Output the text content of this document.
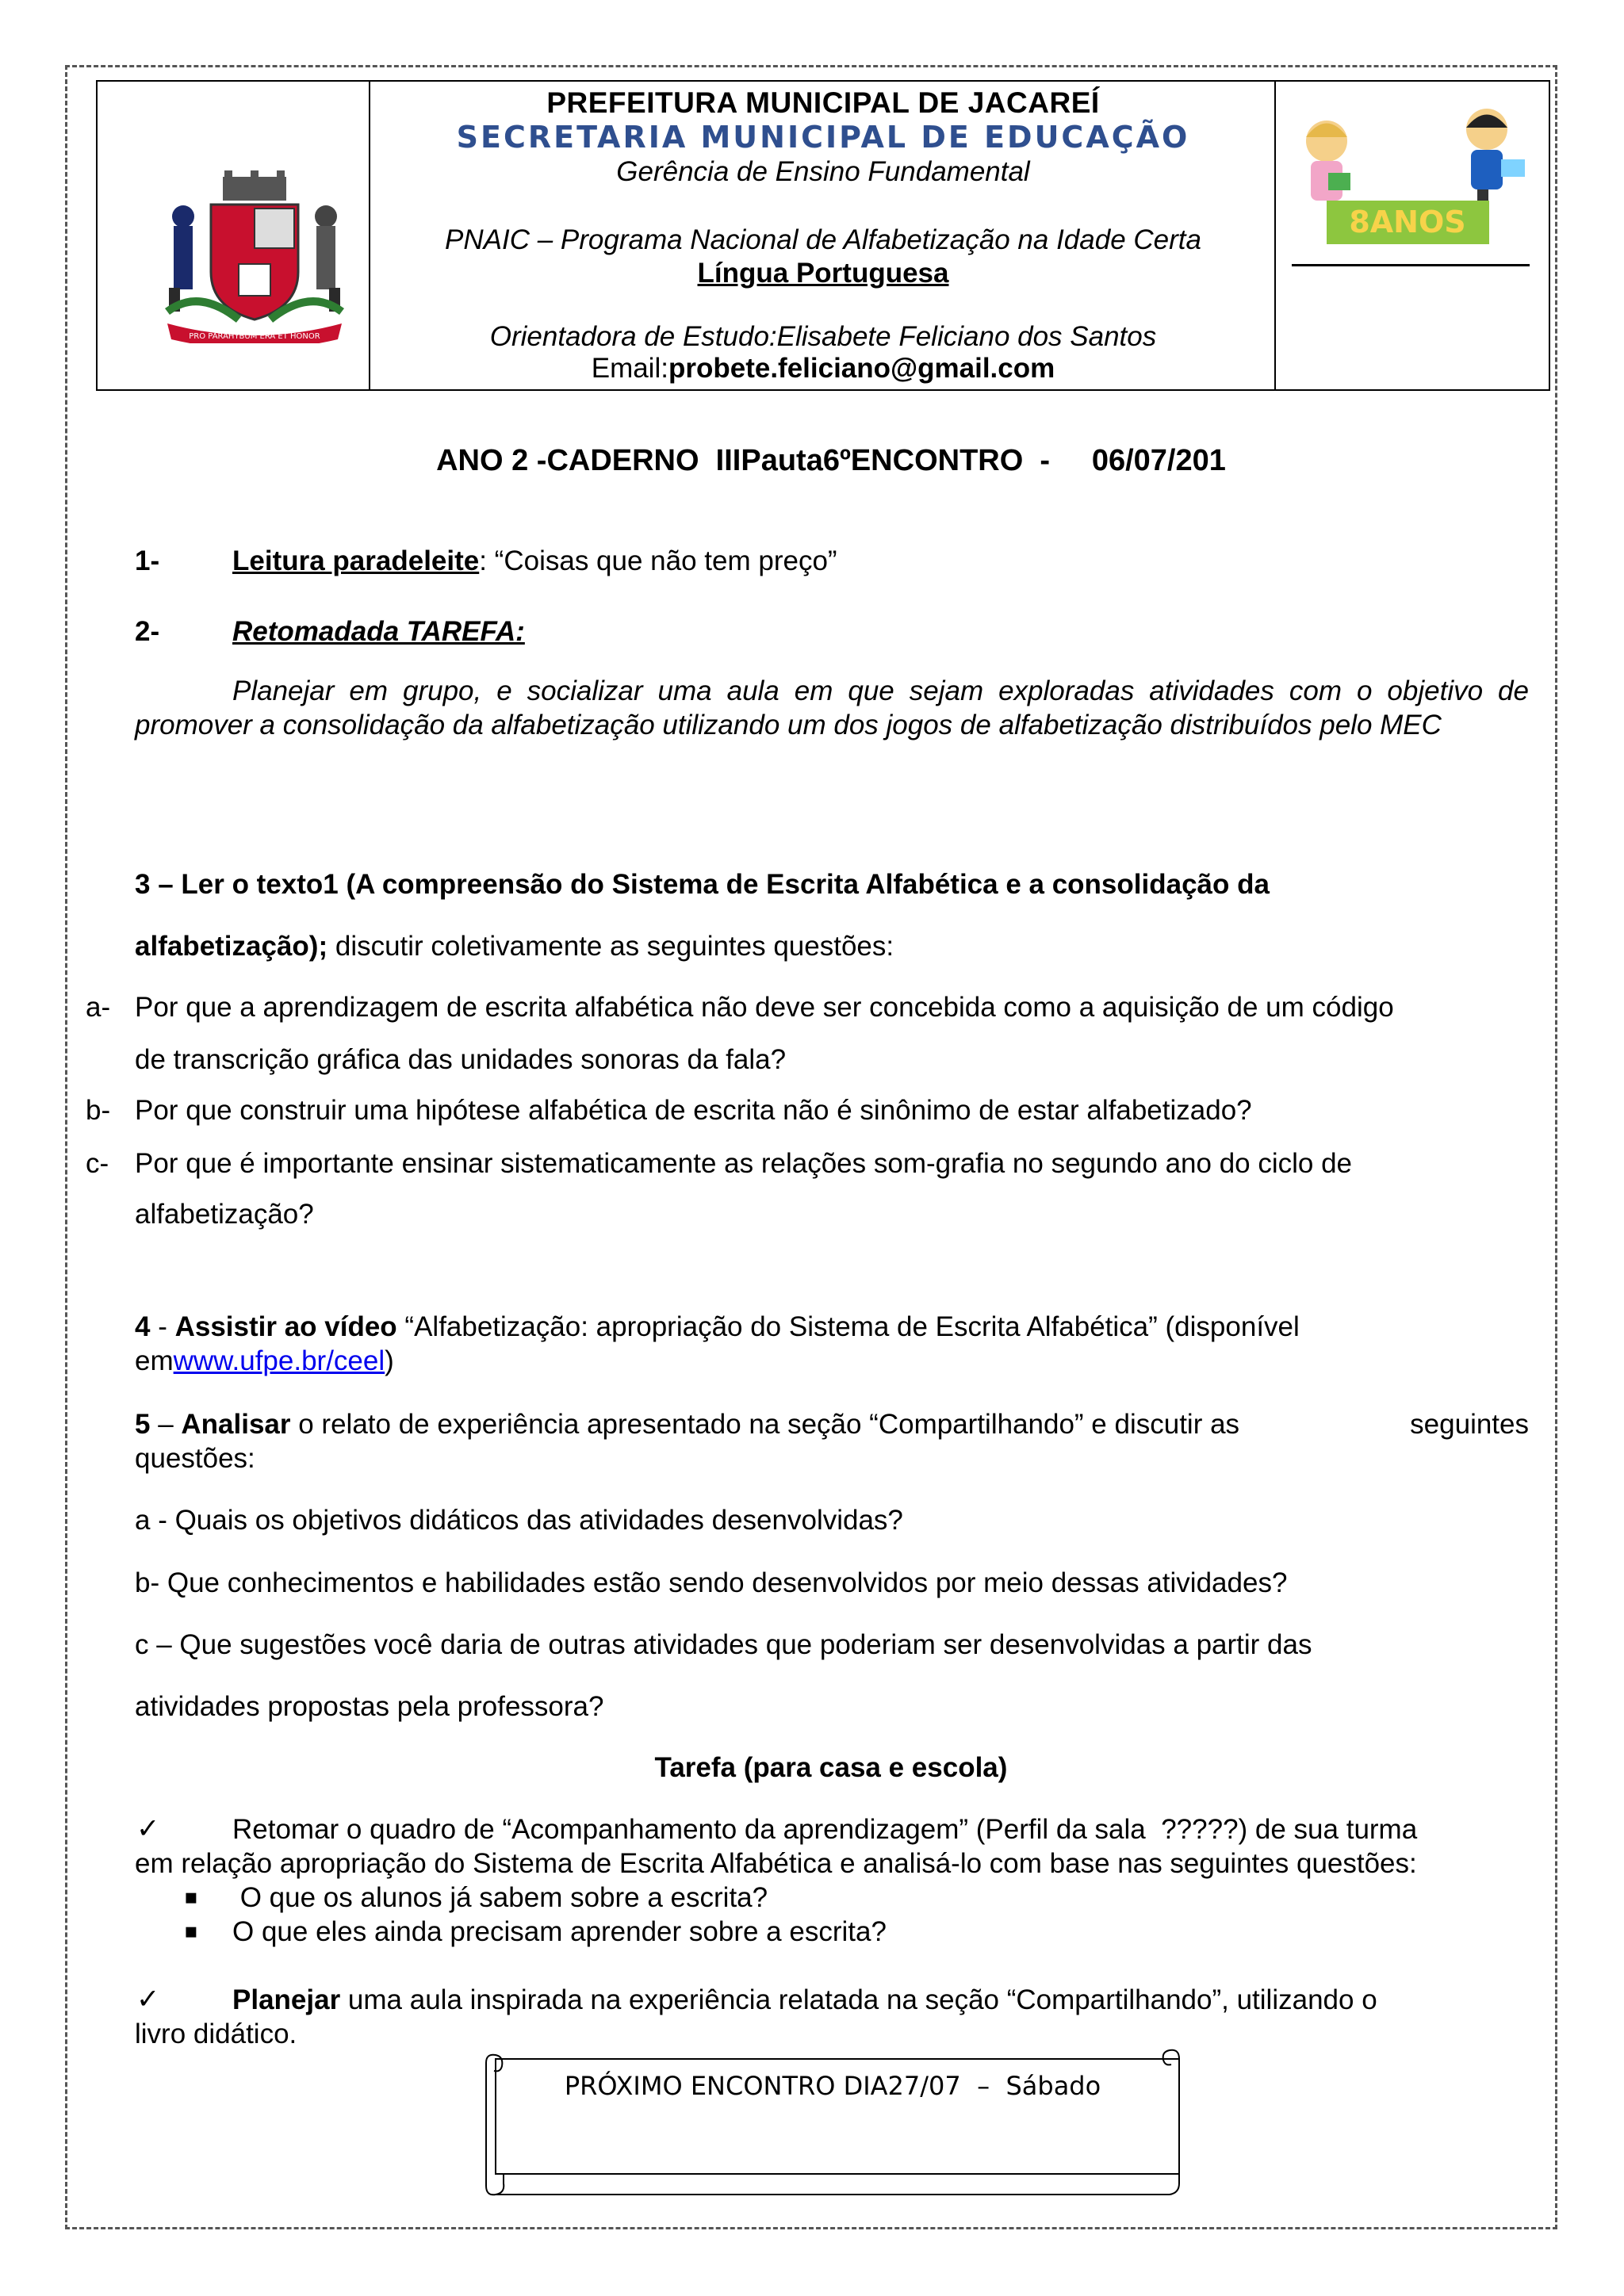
PRO PARAHYBUM ERA ET HONOR
PREFEITURA MUNICIPAL DE JACAREÍ
SECRETARIA MUNICIPAL DE EDUCAÇÃO
Gerência de Ensino Fundamental
PNAIC – Programa Nacional de Alfabetização na Idade Certa
Língua Portuguesa
Orientadora de Estudo:Elisabete Feliciano dos Santos
Email:probete.feliciano@gmail.com
8ANOS
ANO 2 -CADERNO  IIIPauta6ºENCONTRO  -     06/07/201
1-	Leitura paradeleite: “Coisas que não tem preço”
2-	Retomadada TAREFA:
Planejar em grupo, e socializar uma aula em que sejam exploradas atividades com o objetivo de promover a consolidação da alfabetização utilizando um dos jogos de alfabetização distribuídos pelo MEC
3 – Ler o texto1 (A compreensão do Sistema de Escrita Alfabética e a consolidação da
alfabetização); discutir coletivamente as seguintes questões:
a- Por que a aprendizagem de escrita alfabética não deve ser concebida como a aquisição de um código
de transcrição gráfica das unidades sonoras da fala?
b- Por que construir uma hipótese alfabética de escrita não é sinônimo de estar alfabetizado?
c- Por que é importante ensinar sistematicamente as relações som-grafia no segundo ano do ciclo de
alfabetização?
4 - Assistir ao vídeo “Alfabetização: apropriação do Sistema de Escrita Alfabética” (disponível
emwww.ufpe.br/ceel)
5 – Analisar o relato de experiência apresentado na seção “Compartilhando” e discutir as	seguintes
questões:
a - Quais os objetivos didáticos das atividades desenvolvidas?
b- Que conhecimentos e habilidades estão sendo desenvolvidos por meio dessas atividades?
c – Que sugestões você daria de outras atividades que poderiam ser desenvolvidas a partir das
atividades propostas pela professora?
Tarefa (para casa e escola)
✓	Retomar o quadro de “Acompanhamento da aprendizagem” (Perfil da sala  ?????) de sua turma
em relação apropriação do Sistema de Escrita Alfabética e analisá-lo com base nas seguintes questões:
▪ O que os alunos já sabem sobre a escrita?
▪ O que eles ainda precisam aprender sobre a escrita?
✓	Planejar uma aula inspirada na experiência relatada na seção “Compartilhando”, utilizando o
livro didático.
PRÓXIMO ENCONTRO DIA27/07  –  Sábado
